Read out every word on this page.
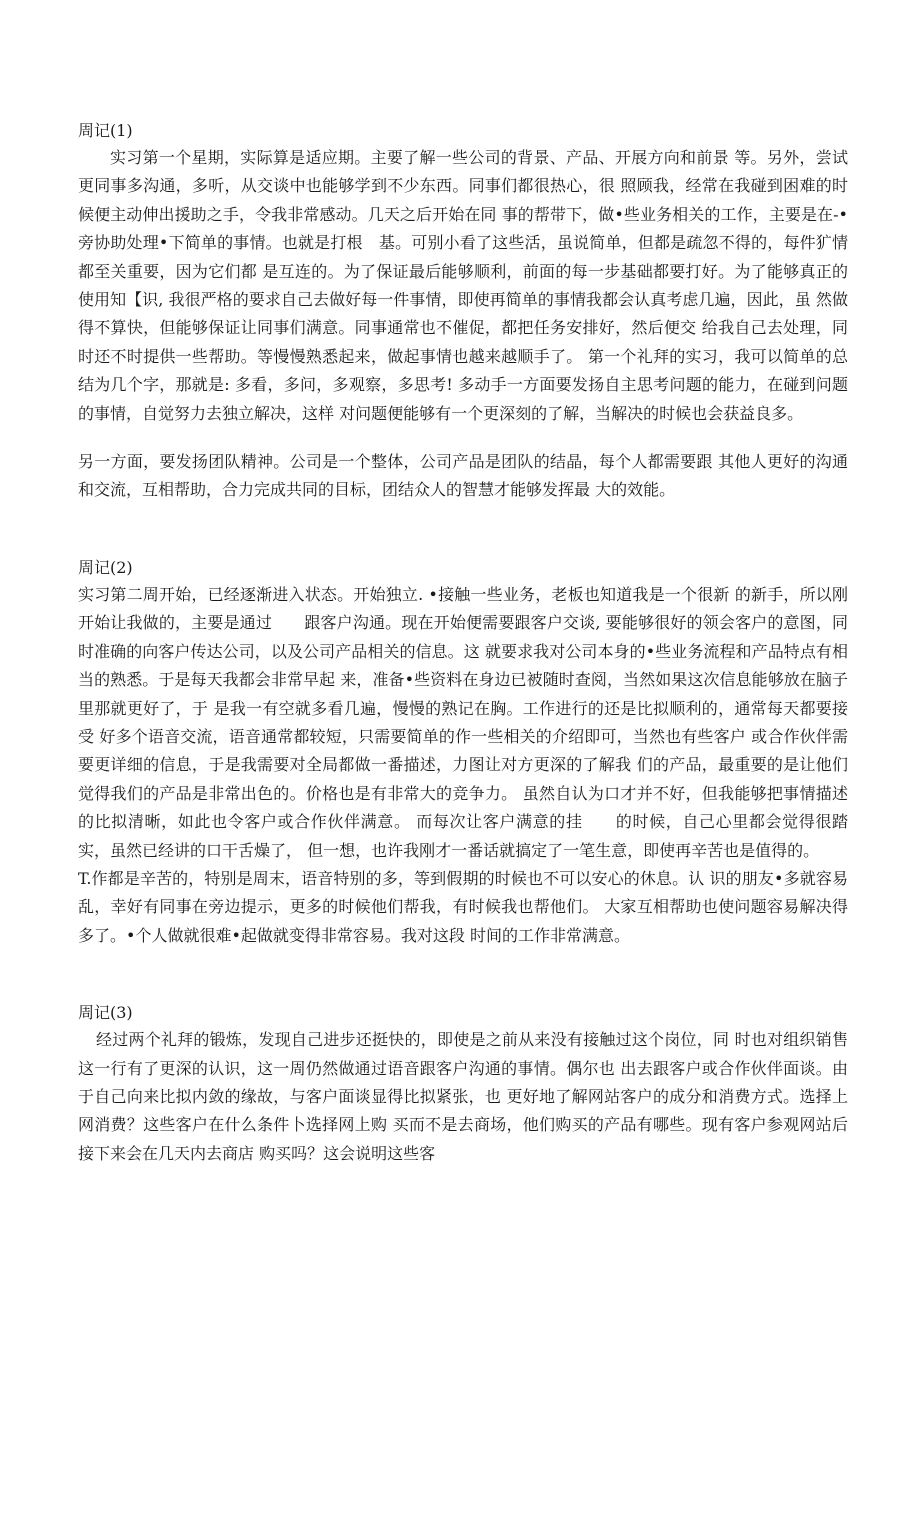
周记(1)

实习第一个星期，实际算是适应期。主要了解一些公司的背景、产品、开展方向和前景 等。另外，尝试更同事多沟通，多听，从交谈中也能够学到不少东西。同事们都很热心，很 照顾我，经常在我碰到困难的时候便主动伸出援助之手，令我非常感动。几天之后开始在同 事的帮带下，做•些业务相关的工作，主要是在-•旁协助处理•下简单的事情。也就是打根　基。可别小看了这些活，虽说简单，但都是疏忽不得的，每件犷情都至关重要，因为它们都 是互连的。为了保证最后能够顺利，前面的每一步基础都要打好。为了能够真正的使用知【识, 我很严格的要求自己去做好每一件事情，即使再简单的事情我都会认真考虑几遍，因此，虽 然做得不算快，但能够保证让同事们满意。同事通常也不催促，都把任务安排好，然后便交 给我自己去处理，同时还不时提供一些帮助。等慢慢熟悉起来，做起事情也越来越顺手了。 第一个礼拜的实习，我可以简单的总结为几个字，那就是: 多看，多问，多观察，多思考! 多动手一方面要发扬自主思考问题的能力，在碰到问题的事情，自觉努力去独立解决，这样 对问题便能够有一个更深刻的了解，当解决的时候也会获益良多。

另一方面，要发扬团队精神。公司是一个整体，公司产品是团队的结晶，每个人都需要跟 其他人更好的沟通和交流，互相帮助，合力完成共同的目标，团结众人的智慧才能够发挥最 大的效能。

周记(2)

实习第二周开始，已经逐渐进入状态。开始独立. •接触一些业务，老板也知道我是一个很新 的新手，所以刚开始让我做的，主要是通过　　跟客户沟通。现在开始便需要跟客户交谈, 要能够很好的领会客户的意图，同时准确的向客户传达公司，以及公司产品相关的信息。这 就要求我对公司本身的•些业务流程和产品特点有相当的熟悉。于是每天我都会非常早起 来，准备•些资料在身边已被随时查阅，当然如果这次信息能够放在脑子里那就更好了，于 是我一有空就多看几遍，慢慢的熟记在胸。工作进行的还是比拟顺利的，通常每天都要接受 好多个语音交流，语音通常都较短，只需要简单的作一些相关的介绍即可，当然也有些客户 或合作伙伴需要更详细的信息，于是我需要对全局都做一番描述，力图让对方更深的了解我 们的产品，最重要的是让他们觉得我们的产品是非常出色的。价格也是有非常大的竞争力。 虽然自认为口才并不好，但我能够把事情描述的比拟清晰，如此也令客户或合作伙伴满意。 而每次让客户满意的挂　　的时候，自己心里都会觉得很踏实，虽然已经讲的口干舌燥了， 但一想，也许我刚才一番话就搞定了一笔生意，即使再辛苦也是值得的。

T.作都是辛苦的，特别是周末，语音特别的多，等到假期的时候也不可以安心的休息。认 识的朋友•多就容易乱，幸好有同事在旁边提示，更多的时候他们帮我，有时候我也帮他们。 大家互相帮助也使问题容易解决得多了。•个人做就很难•起做就变得非常容易。我对这段 时间的工作非常满意。

周记(3)

经过两个礼拜的锻炼，发现自己进步还挺快的，即使是之前从来没有接触过这个岗位，同 时也对组织销售这一行有了更深的认识，这一周仍然做通过语音跟客户沟通的事情。偶尔也 出去跟客户或合作伙伴面谈。由于自己向来比拟内敛的缘故，与客户面谈显得比拟紧张，也 更好地了解网站客户的成分和消费方式。选择上网消费？这些客户在什么条件卜选择网上购 买而不是去商场，他们购买的产品有哪些。现有客户参观网站后接下来会在几天内去商店 购买吗？这会说明这些客
